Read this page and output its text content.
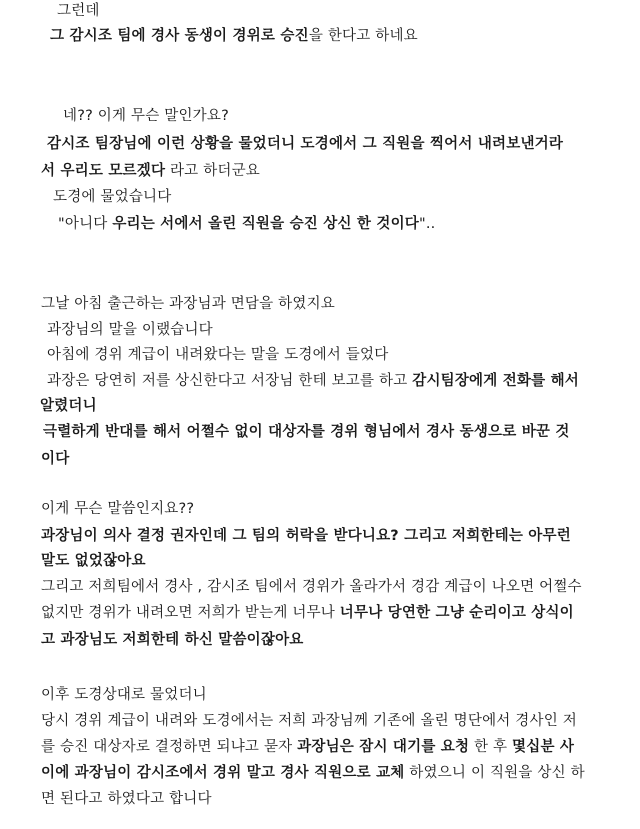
그런데
그 감시조 팀에 경사 동생이 경위로 승진을 한다고 하네요
네?? 이게 무슨 말인가요?
감시조 팀장님에 이런 상황을 물었더니 도경에서 그 직원을 찍어서 내려보낸거라
서 우리도 모르겠다 라고 하더군요
도경에 물었습니다
"아니다 우리는 서에서 올린 직원을 승진 상신 한 것이다"..
그날 아침 출근하는 과장님과 면담을 하였지요
과장님의 말을 이랬습니다
아침에 경위 계급이 내려왔다는 말을 도경에서 들었다
과장은 당연히 저를 상신한다고 서장님 한테 보고를 하고 감시팀장에게 전화를 해서
알렸더니
극렬하게 반대를 해서 어쩔수 없이 대상자를 경위 형님에서 경사 동생으로 바꾼 것
이다
이게 무슨 말씀인지요??
과장님이 의사 결정 권자인데 그 팀의 허락을 받다니요? 그리고 저희한테는 아무런
말도 없었잖아요
그리고 저희팀에서 경사 , 감시조 팀에서 경위가 올라가서 경감 계급이 나오면 어쩔수
없지만 경위가 내려오면 저희가 받는게 너무나 너무나 당연한 그냥 순리이고 상식이
고 과장님도 저희한테 하신 말씀이잖아요
이후 도경상대로 물었더니
당시 경위 계급이 내려와 도경에서는 저희 과장님께 기존에 올린 명단에서 경사인 저
를 승진 대상자로 결정하면 되냐고 묻자 과장님은 잠시 대기를 요청 한 후 몇십분 사
이에 과장님이 감시조에서 경위 말고 경사 직원으로 교체 하였으니 이 직원을 상신 하
면 된다고 하였다고 합니다
